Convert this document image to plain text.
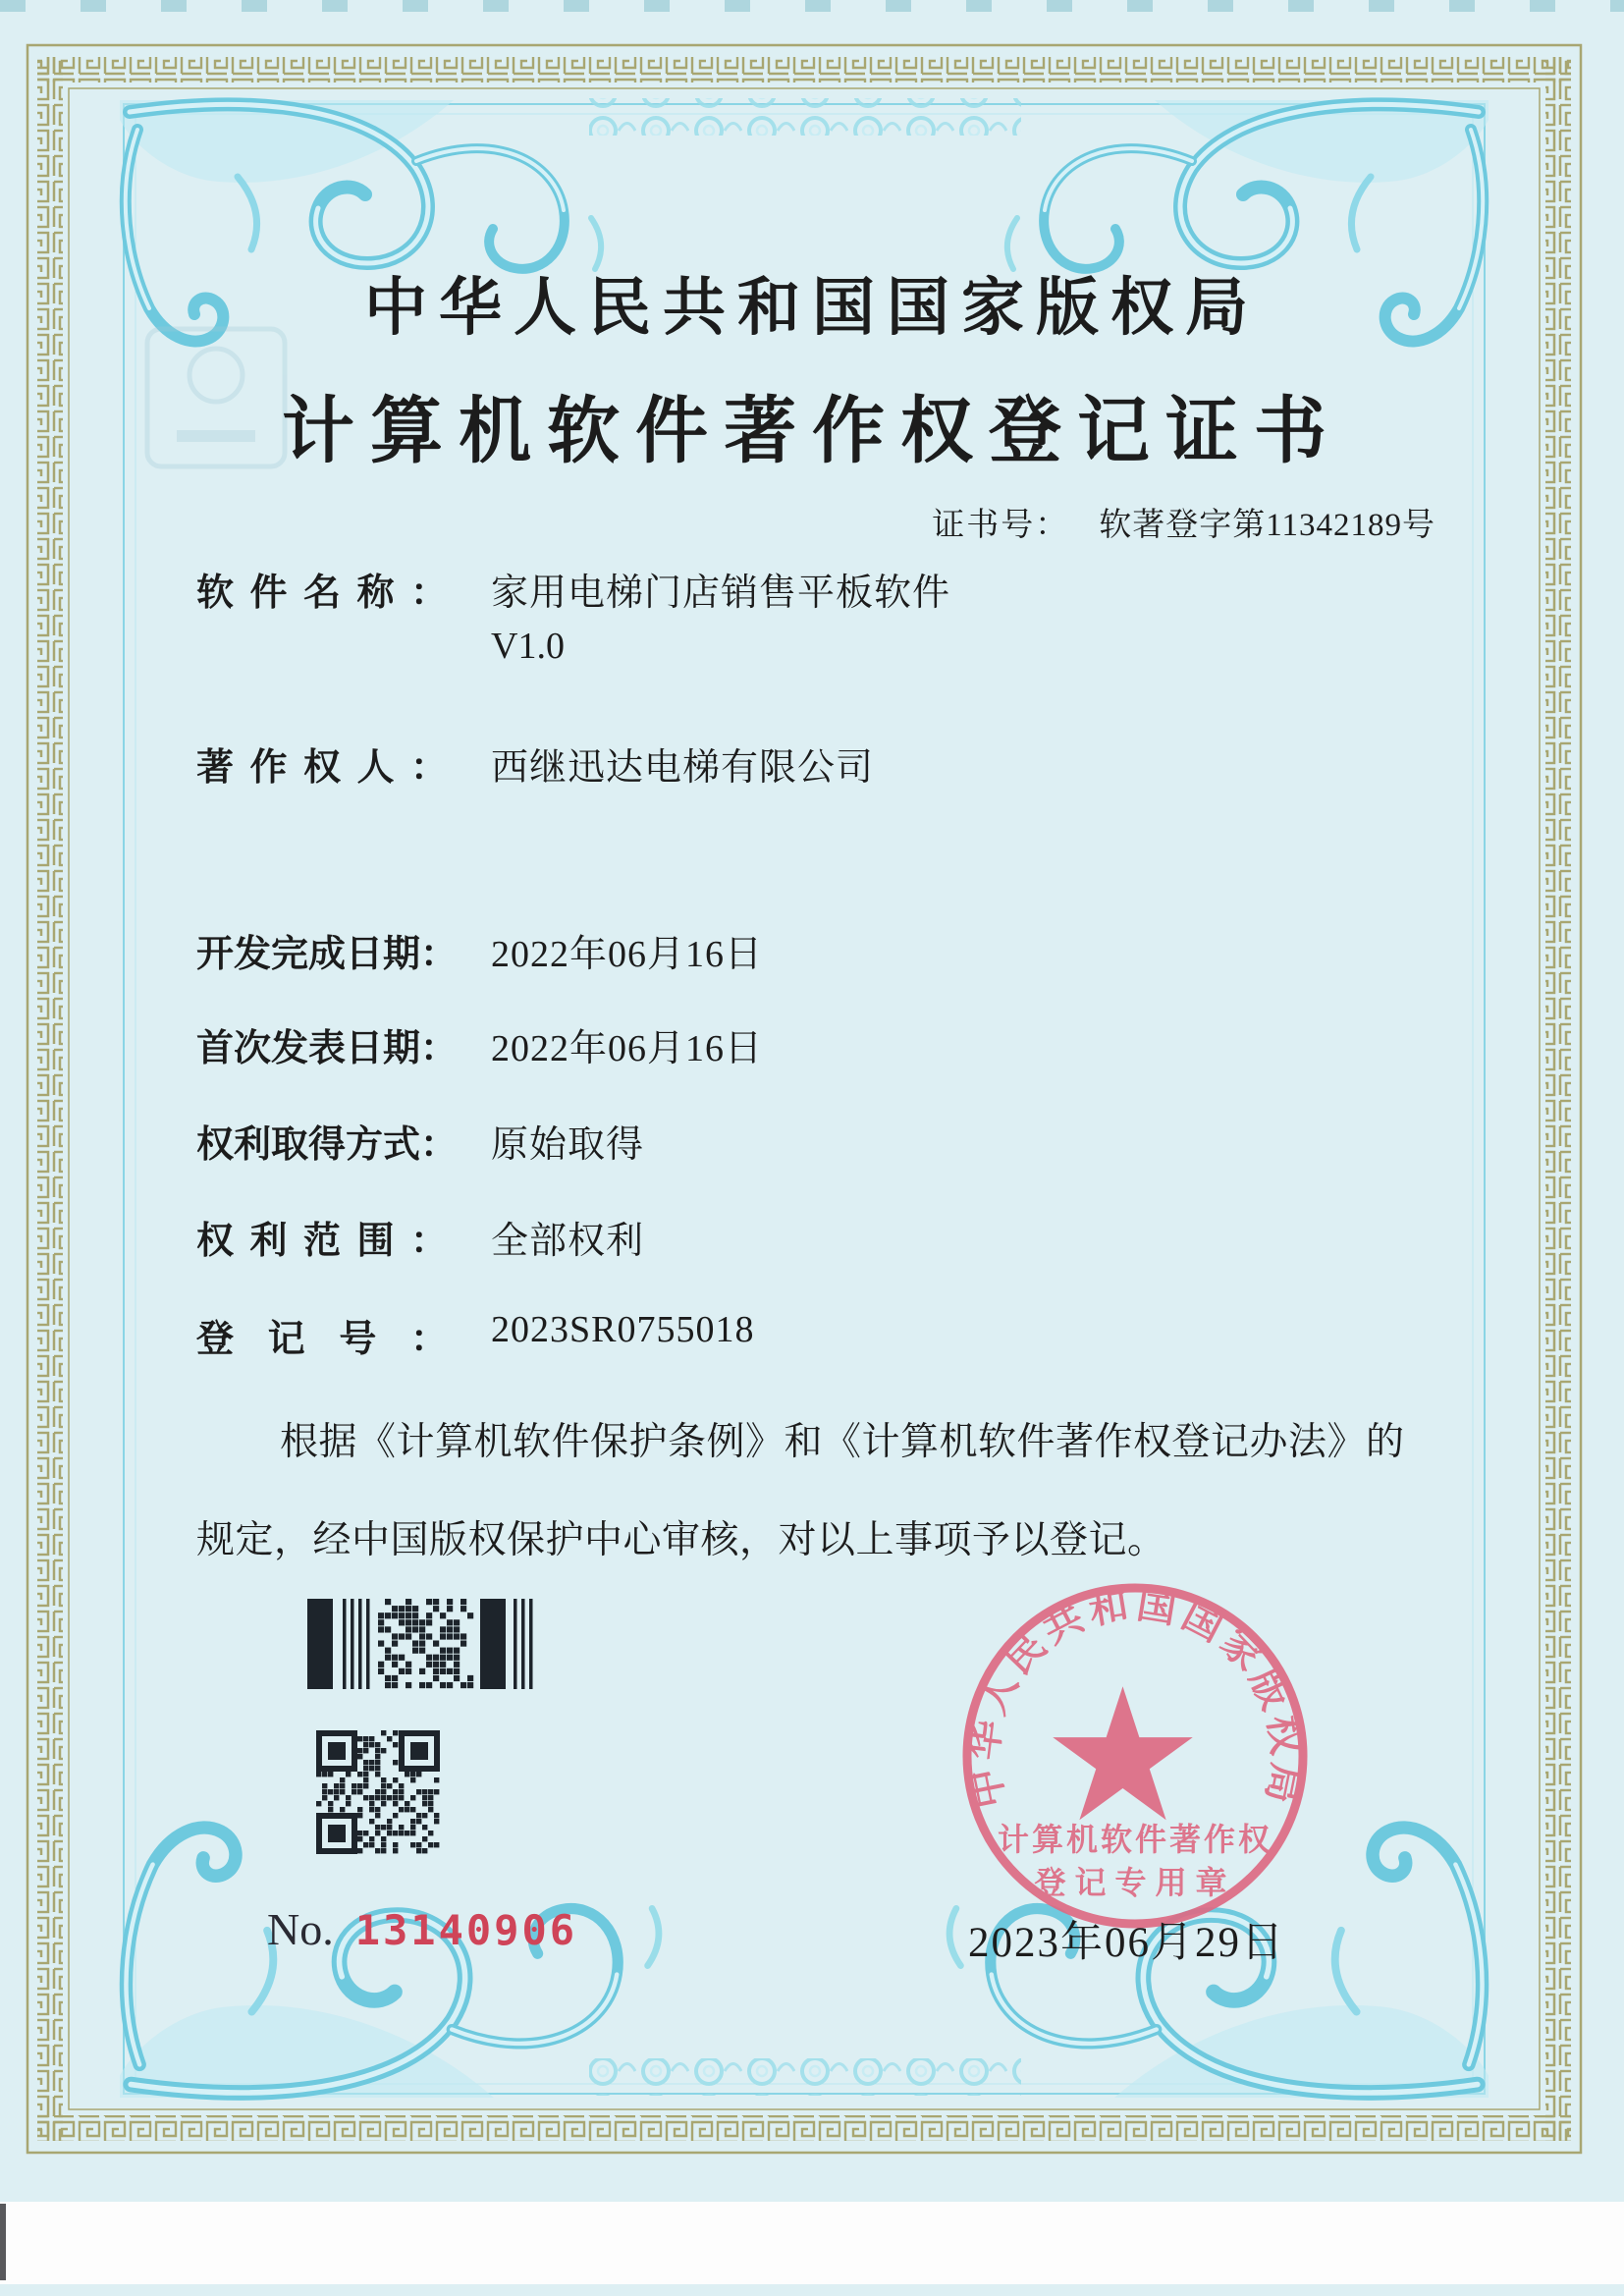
中华人民共和国国家版权局
计算机软件著作权登记证书
证书号： 软著登字第11342189号
软件名称： 家用电梯门店销售平板软件
V1.0
著作权人： 西继迅达电梯有限公司
开发完成日期： 2022年06月16日
首次发表日期： 2022年06月16日
权利取得方式： 原始取得
权利范围： 全部权利
登记号： 2023SR0755018
根据《计算机软件保护条例》和《计算机软件著作权登记办法》的
规定，经中国版权保护中心审核，对以上事项予以登记。
中华人民共和国国家版权局
计算机软件著作权
登记专用章
No. 13140906	2023年06月29日
